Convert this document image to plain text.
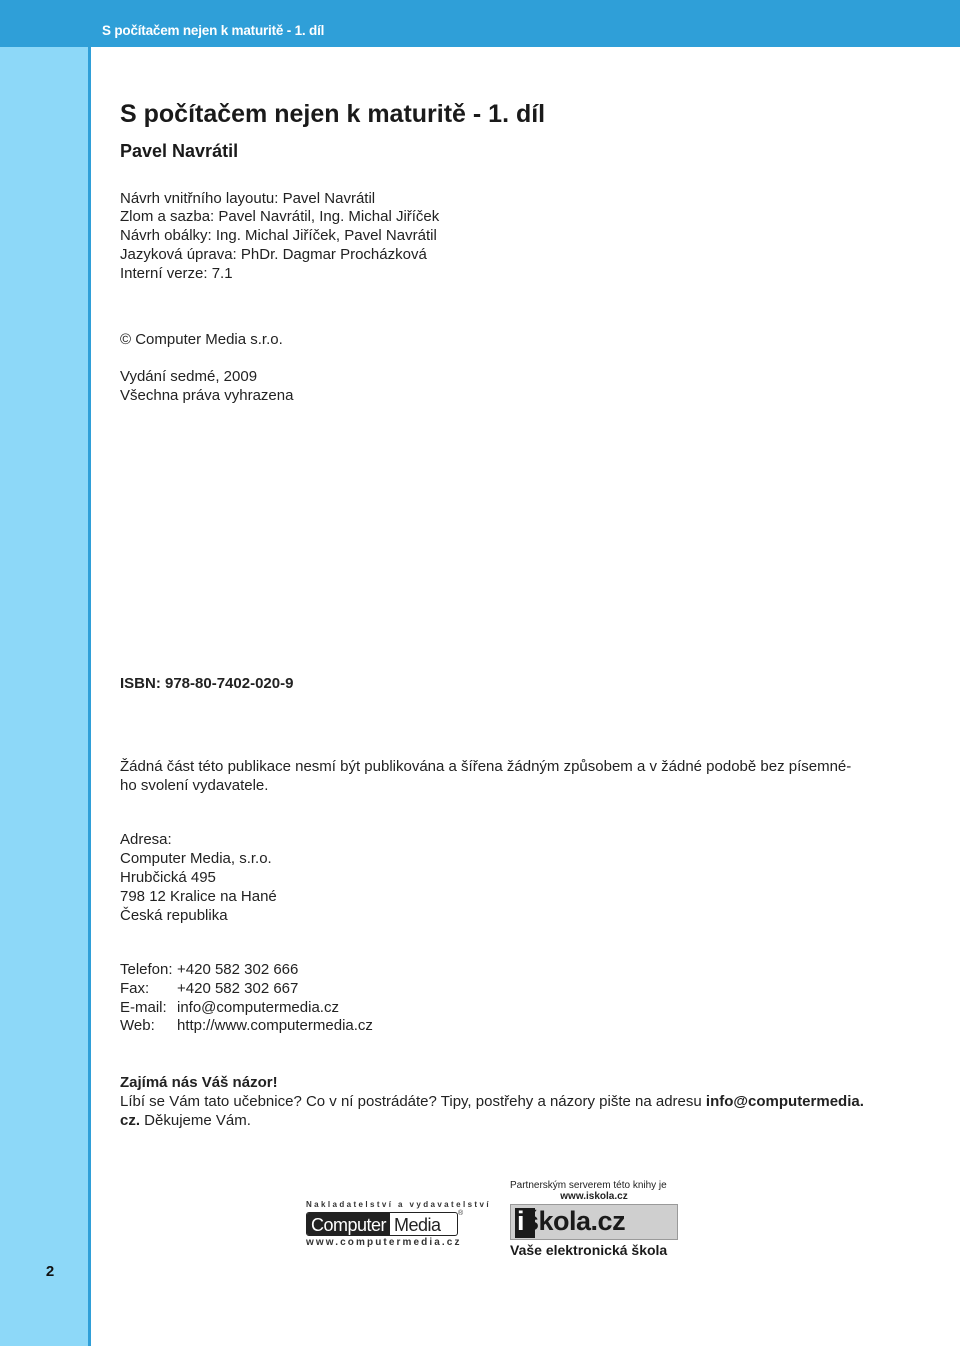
S počítačem nejen k maturitě - 1. díl
2
S počítačem nejen k maturitě - 1. díl
Pavel Navrátil
Návrh vnitřního layoutu: Pavel Navrátil
Zlom a sazba: Pavel Navrátil, Ing. Michal Jiříček
Návrh obálky: Ing. Michal Jiříček, Pavel Navrátil
Jazyková úprava: PhDr. Dagmar Procházková
Interní verze: 7.1
© Computer Media s.r.o.
Vydání sedmé, 2009
Všechna práva vyhrazena
ISBN: 978-80-7402-020-9
Žádná část této publikace nesmí být publikována a šířena žádným způsobem a v žádné podobě bez písemné-
ho svolení vydavatele.
Adresa:
Computer Media, s.r.o.
Hrubčická 495
798 12 Kralice na Hané
Česká republika
Telefon: +420 582 302 666
Fax: +420 582 302 667
E-mail: info@computermedia.cz
Web: http://www.computermedia.cz
Zajímá nás Váš názor!
Líbí se Vám tato učebnice? Co v ní postrádáte? Tipy, postřehy a názory pište na adresu info@computermedia.
cz. Děkujeme Vám.
Nakladatelství a vydavatelství
Computer Media
®
www.computermedia.cz
Partnerským serverem této knihy je
www.iskola.cz
iškola.cz
Vaše elektronická škola
